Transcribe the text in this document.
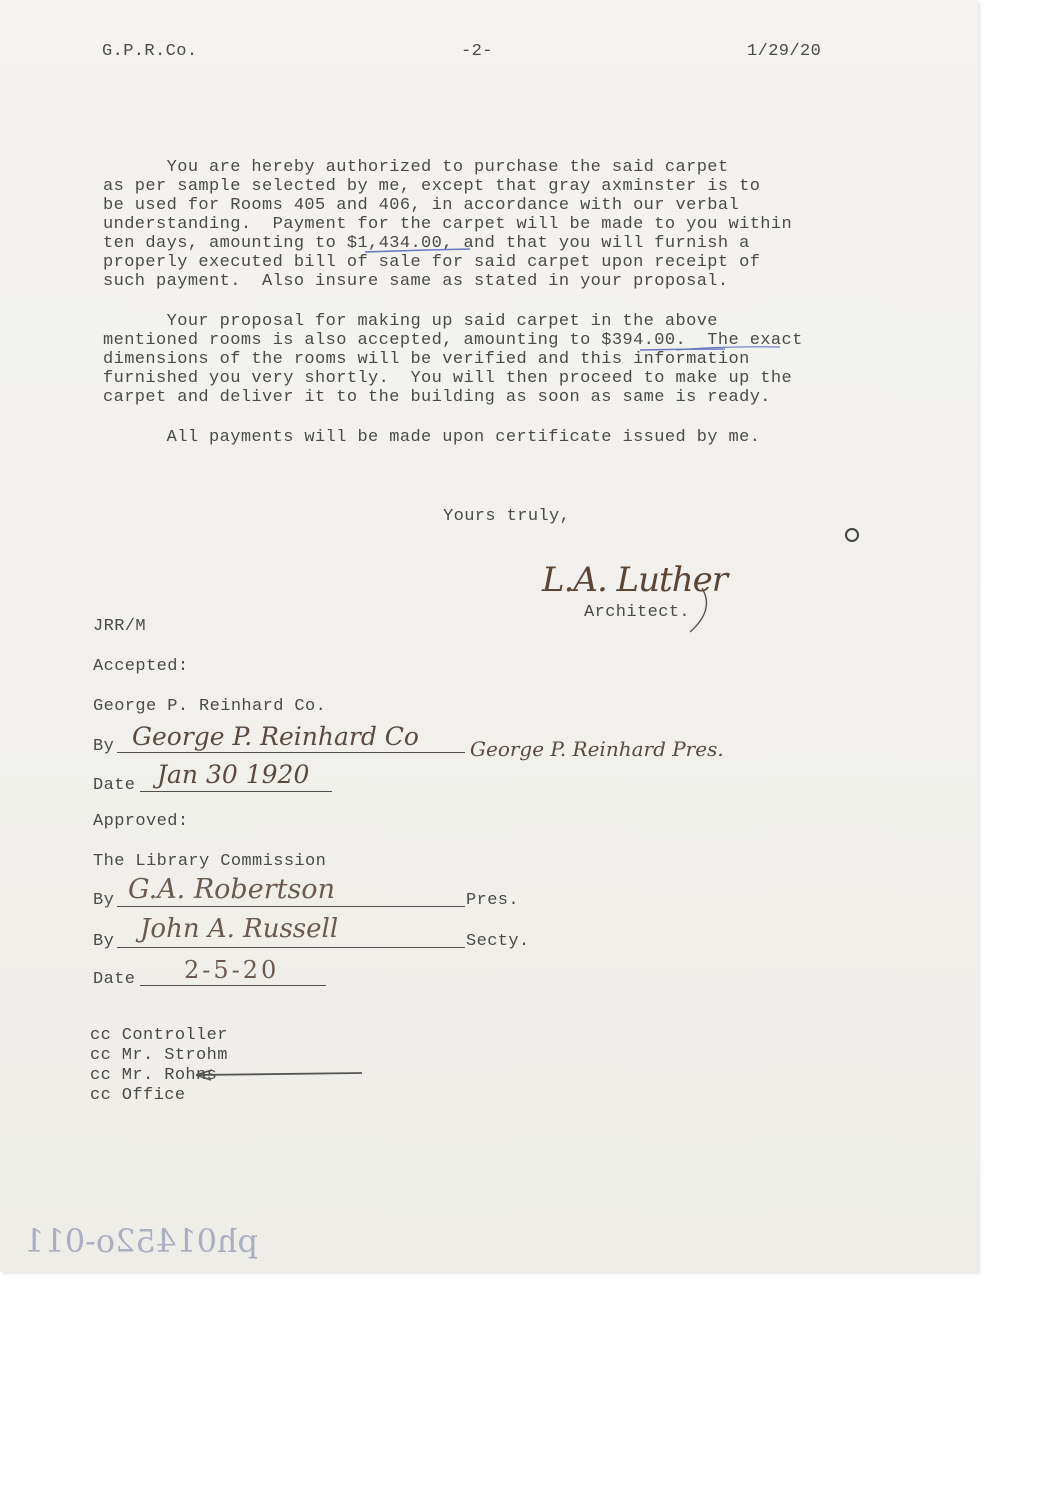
G.P.R.Co.	-2-	1/29/20
You are hereby authorized to purchase the said carpet
as per sample selected by me, except that gray axminster is to
be used for Rooms 405 and 406, in accordance with our verbal
understanding.  Payment for the carpet will be made to you within
ten days, amounting to $1,434.00, and that you will furnish a
properly executed bill of sale for said carpet upon receipt of
such payment.  Also insure same as stated in your proposal.
Your proposal for making up said carpet in the above
mentioned rooms is also accepted, amounting to $394.00.  The exact
dimensions of the rooms will be verified and this information
furnished you very shortly.  You will then proceed to make up the
carpet and deliver it to the building as soon as same is ready.
All payments will be made upon certificate issued by me.
Yours truly,
L.A. Luther
Architect.
JRR/M
Accepted:
George P. Reinhard Co.
By George P. Reinhard Co	George P. Reinhard Pres.
Date Jan 30 1920
Approved:
The Library Commission
By G.A. Robertson	Pres.
By John A. Russell	Secty.
Date 2-5-20
cc Controller
cc Mr. Strohm
cc Mr. Rohns
cc Office
ph01452o-011
